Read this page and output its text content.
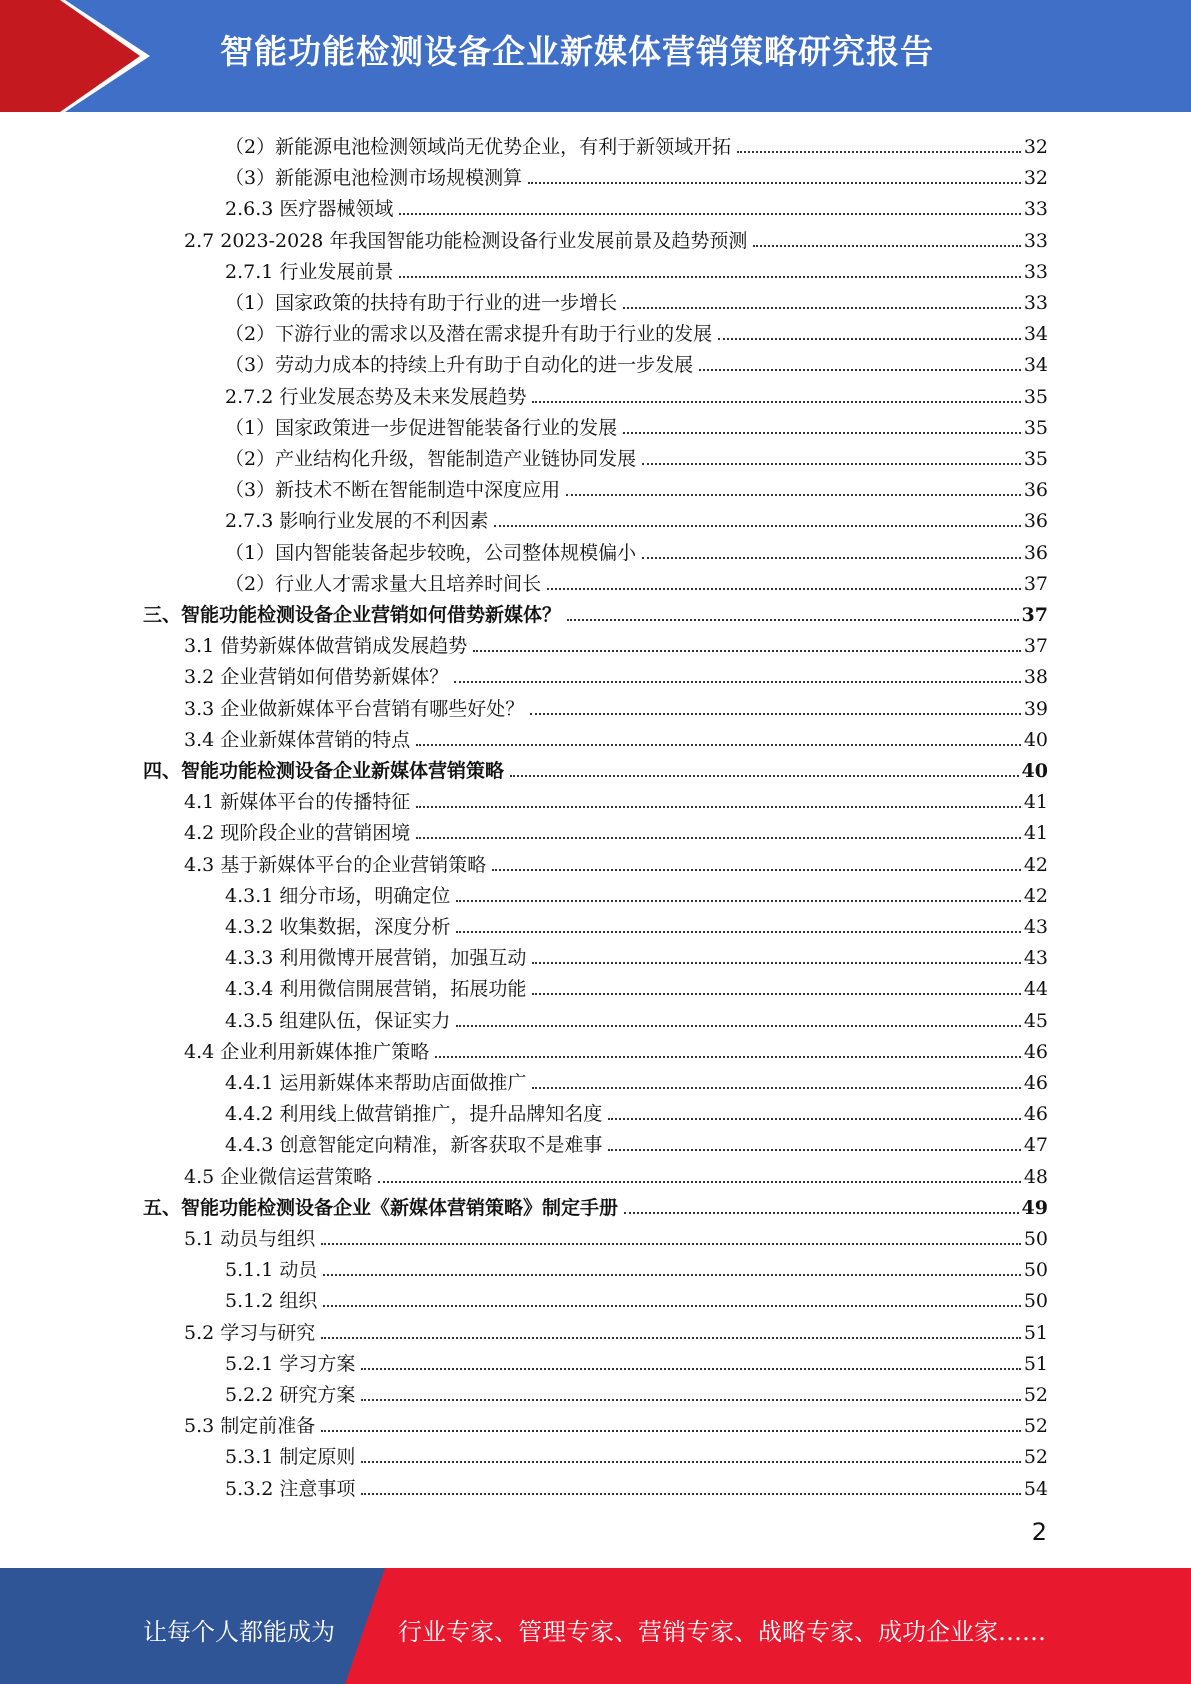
智能功能检测设备企业新媒体营销策略研究报告
（2）新能源电池检测领域尚无优势企业，有利于新领域开拓	32
（3）新能源电池检测市场规模测算	32
2.6.3 医疗器械领域	33
2.7 2023-2028 年我国智能功能检测设备行业发展前景及趋势预测	33
2.7.1 行业发展前景	33
（1）国家政策的扶持有助于行业的进一步增长	33
（2）下游行业的需求以及潜在需求提升有助于行业的发展	34
（3）劳动力成本的持续上升有助于自动化的进一步发展	34
2.7.2 行业发展态势及未来发展趋势	35
（1）国家政策进一步促进智能装备行业的发展	35
（2）产业结构化升级，智能制造产业链协同发展	35
（3）新技术不断在智能制造中深度应用	36
2.7.3 影响行业发展的不利因素	36
（1）国内智能装备起步较晚，公司整体规模偏小	36
（2）行业人才需求量大且培养时间长	37
三、智能功能检测设备企业营销如何借势新媒体？	37
3.1 借势新媒体做营销成发展趋势	37
3.2 企业营销如何借势新媒体？	38
3.3 企业做新媒体平台营销有哪些好处？	39
3.4 企业新媒体营销的特点	40
四、智能功能检测设备企业新媒体营销策略	40
4.1 新媒体平台的传播特征	41
4.2 现阶段企业的营销困境	41
4.3 基于新媒体平台的企业营销策略	42
4.3.1 细分市场，明确定位	42
4.3.2 收集数据，深度分析	43
4.3.3 利用微博开展营销，加强互动	43
4.3.4 利用微信開展营销，拓展功能	44
4.3.5 组建队伍，保证实力	45
4.4 企业利用新媒体推广策略	46
4.4.1 运用新媒体来帮助店面做推广	46
4.4.2 利用线上做营销推广，提升品牌知名度	46
4.4.3 创意智能定向精准，新客获取不是难事	47
4.5 企业微信运营策略	48
五、智能功能检测设备企业《新媒体营销策略》制定手册	49
5.1 动员与组织	50
5.1.1 动员	50
5.1.2 组织	50
5.2 学习与研究	51
5.2.1 学习方案	51
5.2.2 研究方案	52
5.3 制定前准备	52
5.3.1 制定原则	52
5.3.2 注意事项	54
2
让每个人都能成为	行业专家、管理专家、营销专家、战略专家、成功企业家……
